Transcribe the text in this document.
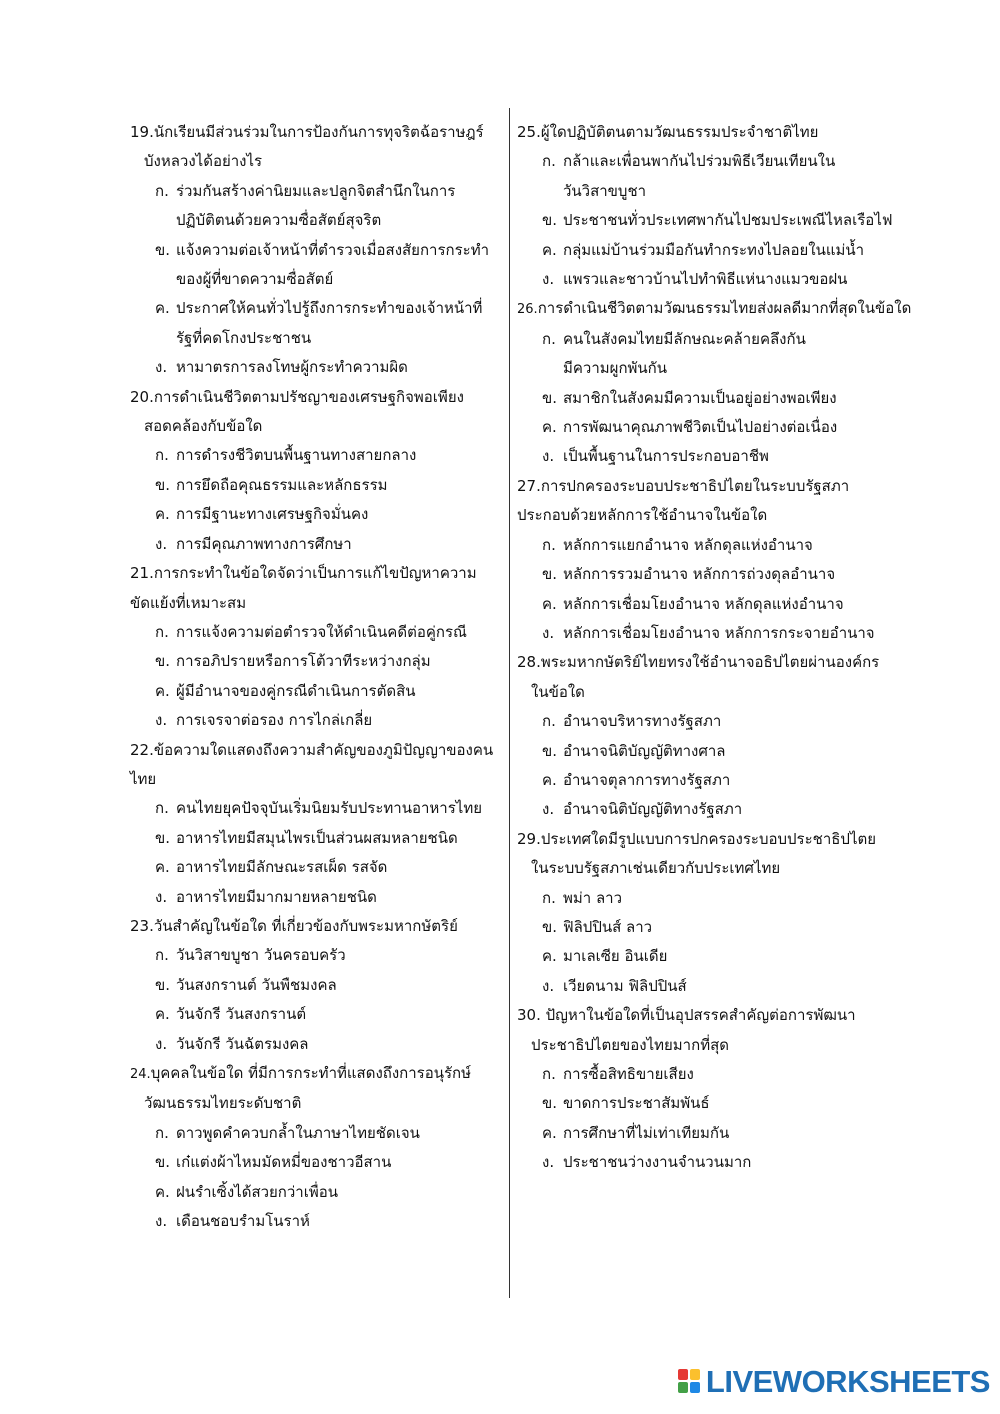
19.นักเรียนมีส่วนร่วมในการป้องกันการทุจริตฉ้อราษฎร์
บังหลวงได้อย่างไร
ก. ร่วมกันสร้างค่านิยมและปลูกจิตสำนึกในการ
ปฏิบัติตนด้วยความซื่อสัตย์สุจริต
ข. แจ้งความต่อเจ้าหน้าที่ตำรวจเมื่อสงสัยการกระทำ
ของผู้ที่ขาดความซื่อสัตย์
ค. ประกาศให้คนทั่วไปรู้ถึงการกระทำของเจ้าหน้าที่
รัฐที่คดโกงประชาชน
ง. หามาตรการลงโทษผู้กระทำความผิด
20.การดำเนินชีวิตตามปรัชญาของเศรษฐกิจพอเพียง
สอดคล้องกับข้อใด
ก. การดำรงชีวิตบนพื้นฐานทางสายกลาง
ข. การยึดถือคุณธรรมและหลักธรรม
ค. การมีฐานะทางเศรษฐกิจมั่นคง
ง. การมีคุณภาพทางการศึกษา
21.การกระทำในข้อใดจัดว่าเป็นการแก้ไขปัญหาความ
ขัดแย้งที่เหมาะสม
ก. การแจ้งความต่อตำรวจให้ดำเนินคดีต่อคู่กรณี
ข. การอภิปรายหรือการโต้วาทีระหว่างกลุ่ม
ค. ผู้มีอำนาจของคู่กรณีดำเนินการตัดสิน
ง. การเจรจาต่อรอง การไกล่เกลี่ย
22.ข้อความใดแสดงถึงความสำคัญของภูมิปัญญาของคน
ไทย
ก. คนไทยยุคปัจจุบันเริ่มนิยมรับประทานอาหารไทย
ข. อาหารไทยมีสมุนไพรเป็นส่วนผสมหลายชนิด
ค. อาหารไทยมีลักษณะรสเผ็ด รสจัด
ง. อาหารไทยมีมากมายหลายชนิด
23.วันสำคัญในข้อใด ที่เกี่ยวข้องกับพระมหากษัตริย์
ก. วันวิสาขบูชา วันครอบครัว
ข. วันสงกรานต์ วันพืชมงคล
ค. วันจักรี วันสงกรานต์
ง. วันจักรี วันฉัตรมงคล
24.บุคคลในข้อใด ที่มีการกระทำที่แสดงถึงการอนุรักษ์
วัฒนธรรมไทยระดับชาติ
ก. ดาวพูดคำควบกล้ำในภาษาไทยชัดเจน
ข. เก๋แต่งผ้าไหมมัดหมี่ของชาวอีสาน
ค. ฝนรำเซิ้งได้สวยกว่าเพื่อน
ง. เดือนชอบรำมโนราห์
25.ผู้ใดปฏิบัติตนตามวัฒนธรรมประจำชาติไทย
ก. กล้าและเพื่อนพากันไปร่วมพิธีเวียนเทียนใน
วันวิสาขบูชา
ข. ประชาชนทั่วประเทศพากันไปชมประเพณีไหลเรือไฟ
ค. กลุ่มแม่บ้านร่วมมือกันทำกระทงไปลอยในแม่น้ำ
ง. แพรวและชาวบ้านไปทำพิธีแห่นางแมวขอฝน
26.การดำเนินชีวิตตามวัฒนธรรมไทยส่งผลดีมากที่สุดในข้อใด
ก. คนในสังคมไทยมีลักษณะคล้ายคลึงกัน
มีความผูกพันกัน
ข. สมาชิกในสังคมมีความเป็นอยู่อย่างพอเพียง
ค. การพัฒนาคุณภาพชีวิตเป็นไปอย่างต่อเนื่อง
ง. เป็นพื้นฐานในการประกอบอาชีพ
27.การปกครองระบอบประชาธิปไตยในระบบรัฐสภา
ประกอบด้วยหลักการใช้อำนาจในข้อใด
ก. หลักการแยกอำนาจ หลักดุลแห่งอำนาจ
ข. หลักการรวมอำนาจ หลักการถ่วงดุลอำนาจ
ค. หลักการเชื่อมโยงอำนาจ หลักดุลแห่งอำนาจ
ง. หลักการเชื่อมโยงอำนาจ หลักการกระจายอำนาจ
28.พระมหากษัตริย์ไทยทรงใช้อำนาจอธิปไตยผ่านองค์กร
ในข้อใด
ก. อำนาจบริหารทางรัฐสภา
ข. อำนาจนิติบัญญัติทางศาล
ค. อำนาจตุลาการทางรัฐสภา
ง. อำนาจนิติบัญญัติทางรัฐสภา
29.ประเทศใดมีรูปแบบการปกครองระบอบประชาธิปไตย
ในระบบรัฐสภาเช่นเดียวกับประเทศไทย
ก. พม่า ลาว
ข. ฟิลิปปินส์ ลาว
ค. มาเลเซีย อินเดีย
ง. เวียดนาม ฟิลิปปินส์
30. ปัญหาในข้อใดที่เป็นอุปสรรคสำคัญต่อการพัฒนา
ประชาธิปไตยของไทยมากที่สุด
ก. การซื้อสิทธิขายเสียง
ข. ขาดการประชาสัมพันธ์
ค. การศึกษาที่ไม่เท่าเทียมกัน
ง. ประชาชนว่างงานจำนวนมาก
LIVEWORKSHEETS
